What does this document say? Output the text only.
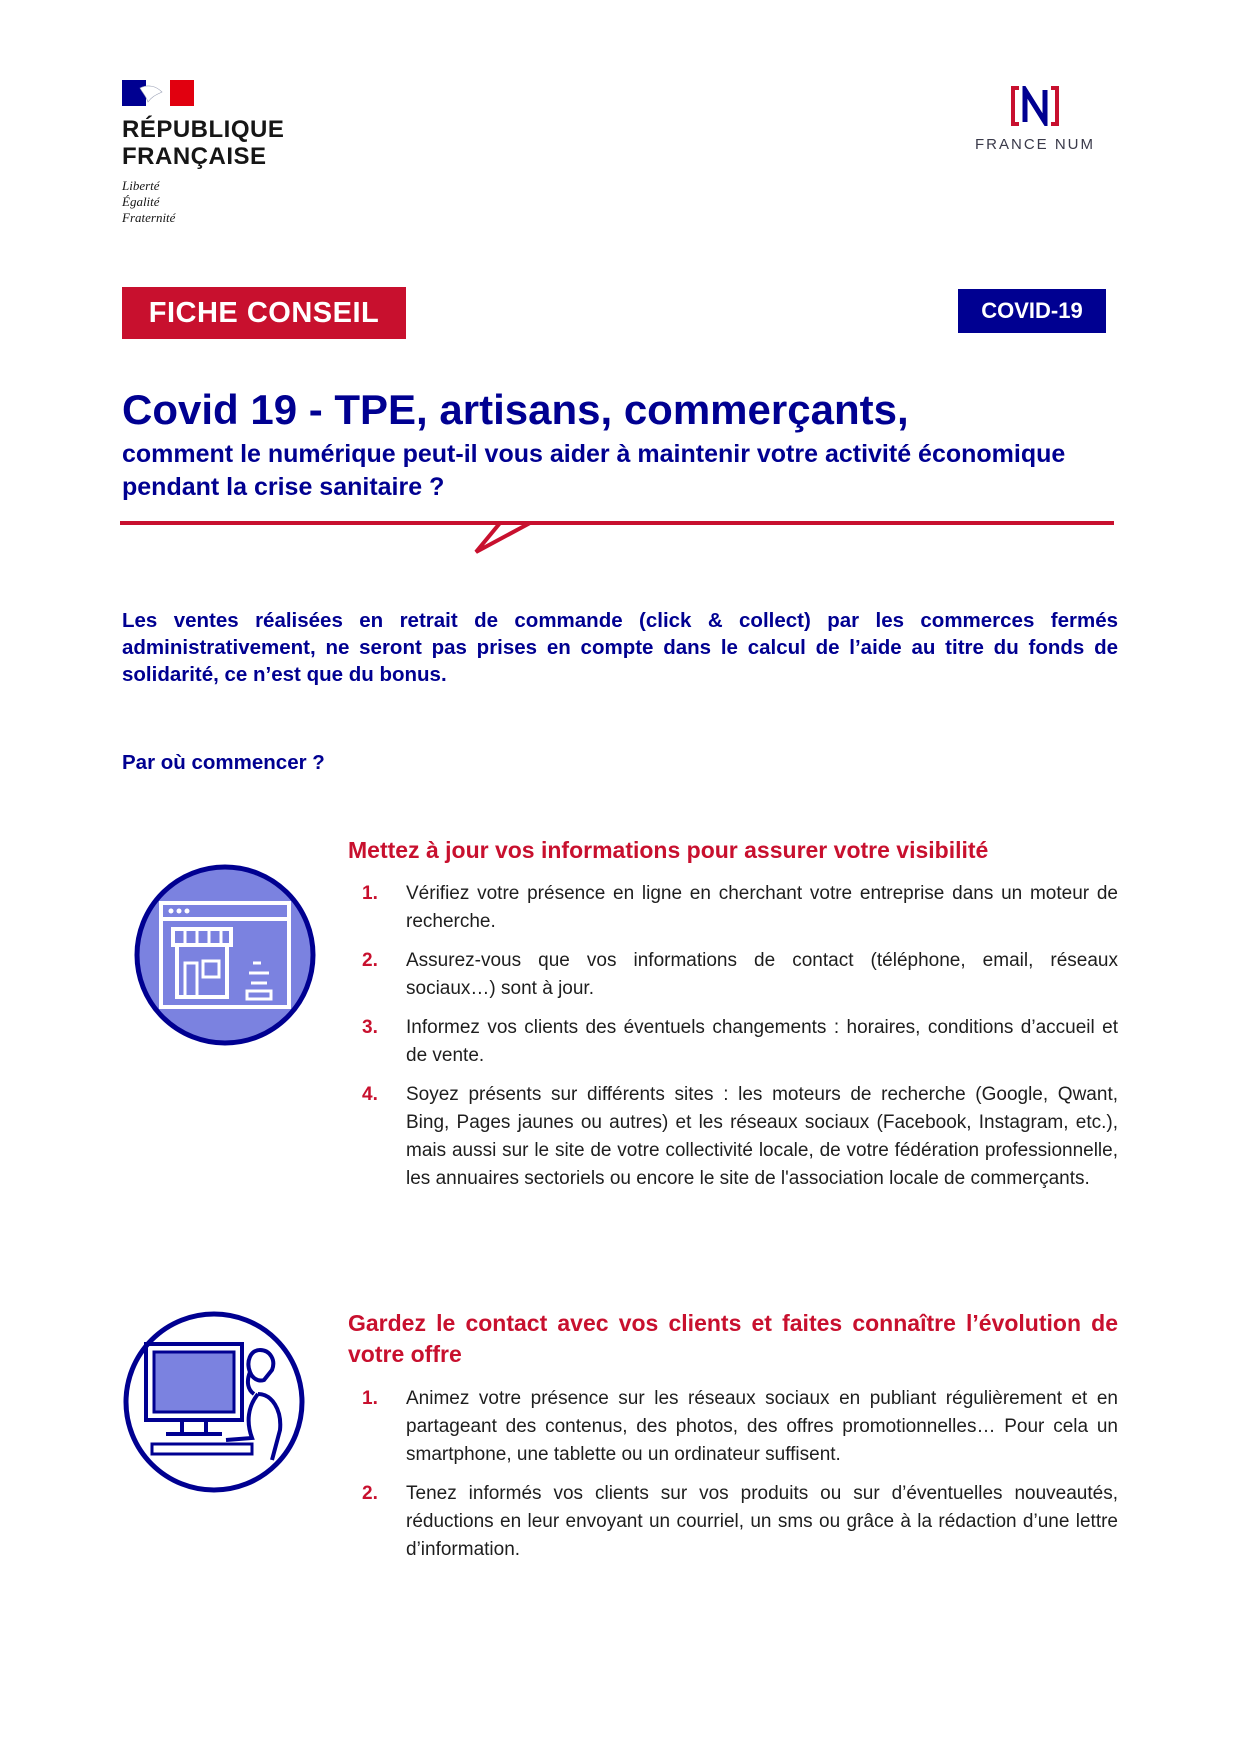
RÉPUBLIQUE
FRANÇAISE
Liberté
Égalité
Fraternité
FRANCE NUM
FICHE CONSEIL	COVID-19
Covid 19 - TPE, artisans, commerçants,
comment le numérique peut-il vous aider à maintenir votre activité économique pendant la crise sanitaire ?

Les ventes réalisées en retrait de commande (click & collect) par les commerces fermés administrativement, ne seront pas prises en compte dans le calcul de l’aide au titre du fonds de solidarité, ce n’est que du bonus.

Par où commencer ?

Mettez à jour vos informations pour assurer votre visibilité
1. Vérifiez votre présence en ligne en cherchant votre entreprise dans un moteur de recherche.
2. Assurez-vous que vos informations de contact (téléphone, email, réseaux sociaux…) sont à jour.
3. Informez vos clients des éventuels changements : horaires, conditions d’accueil et de vente.
4. Soyez présents sur différents sites : les moteurs de recherche (Google, Qwant, Bing, Pages jaunes ou autres) et les réseaux sociaux (Facebook, Instagram, etc.), mais aussi sur le site de votre collectivité locale, de votre fédération professionnelle, les annuaires sectoriels ou encore le site de l'association locale de commerçants.
Gardez le contact avec vos clients et faites connaître l’évolution de votre offre
1. Animez votre présence sur les réseaux sociaux en publiant régulièrement et en partageant des contenus, des photos, des offres promotionnelles… Pour cela un smartphone, une tablette ou un ordinateur suffisent.
2. Tenez informés vos clients sur vos produits ou sur d’éventuelles nouveautés, réductions en leur envoyant un courriel, un sms ou grâce à la rédaction d’une lettre d’information.
